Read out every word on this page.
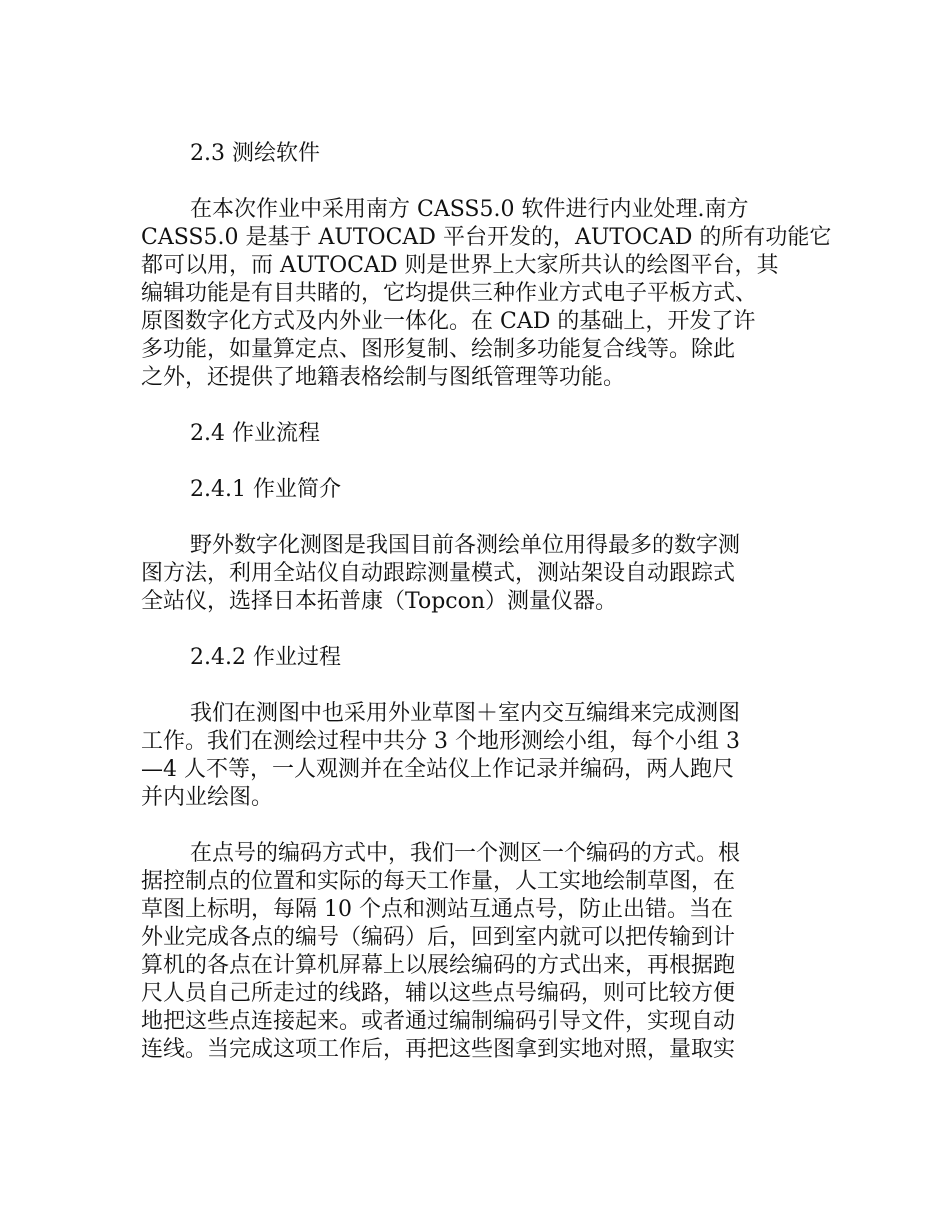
2.3 测绘软件
在本次作业中采用南方 CASS5.0 软件进行内业处理.南方
CASS5.0 是基于 AUTOCAD 平台开发的，AUTOCAD 的所有功能它
都可以用，而 AUTOCAD 则是世界上大家所共认的绘图平台，其
编辑功能是有目共睹的，它均提供三种作业方式电子平板方式、
原图数字化方式及内外业一体化。在 CAD 的基础上，开发了许
多功能，如量算定点、图形复制、绘制多功能复合线等。除此
之外，还提供了地籍表格绘制与图纸管理等功能。
2.4 作业流程
2.4.1 作业简介
野外数字化测图是我国目前各测绘单位用得最多的数字测
图方法，利用全站仪自动跟踪测量模式，测站架设自动跟踪式
全站仪，选择日本拓普康（Topcon）测量仪器。
2.4.2 作业过程
我们在测图中也采用外业草图＋室内交互编缉来完成测图
工作。我们在测绘过程中共分 3 个地形测绘小组，每个小组 3
—4 人不等，一人观测并在全站仪上作记录并编码，两人跑尺
并内业绘图。
在点号的编码方式中，我们一个测区一个编码的方式。根
据控制点的位置和实际的每天工作量，人工实地绘制草图，在
草图上标明，每隔 10 个点和测站互通点号，防止出错。当在
外业完成各点的编号（编码）后，回到室内就可以把传输到计
算机的各点在计算机屏幕上以展绘编码的方式出来，再根据跑
尺人员自己所走过的线路，辅以这些点号编码，则可比较方便
地把这些点连接起来。或者通过编制编码引导文件，实现自动
连线。当完成这项工作后，再把这些图拿到实地对照，量取实
